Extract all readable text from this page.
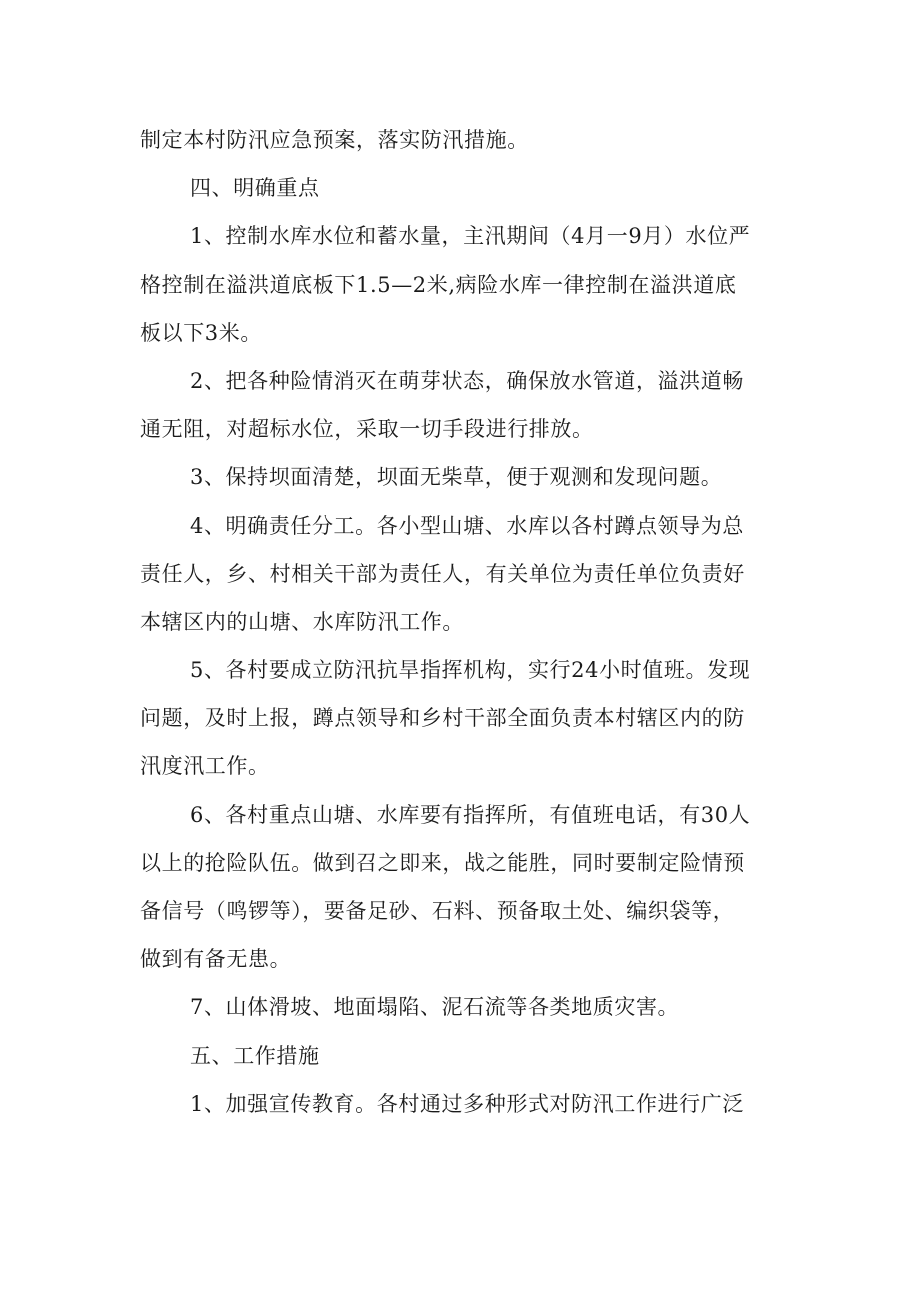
制定本村防汛应急预案，落实防汛措施。
四、明确重点
1、控制水库水位和蓄水量，主汛期间（4月一9月）水位严
格控制在溢洪道底板下1.5—2米,病险水库一律控制在溢洪道底
板以下3米。
2、把各种险情消灭在萌芽状态，确保放水管道，溢洪道畅
通无阻，对超标水位，采取一切手段进行排放。
3、保持坝面清楚，坝面无柴草，便于观测和发现问题。
4、明确责任分工。各小型山塘、水库以各村蹲点领导为总
责任人，乡、村相关干部为责任人，有关单位为责任单位负责好
本辖区内的山塘、水库防汛工作。
5、各村要成立防汛抗旱指挥机构，实行24小时值班。发现
问题，及时上报，蹲点领导和乡村干部全面负责本村辖区内的防
汛度汛工作。
6、各村重点山塘、水库要有指挥所，有值班电话，有30人
以上的抢险队伍。做到召之即来，战之能胜，同时要制定险情预
备信号（鸣锣等），要备足砂、石料、预备取土处、编织袋等，
做到有备无患。
7、山体滑坡、地面塌陷、泥石流等各类地质灾害。
五、工作措施
1、加强宣传教育。各村通过多种形式对防汛工作进行广泛
